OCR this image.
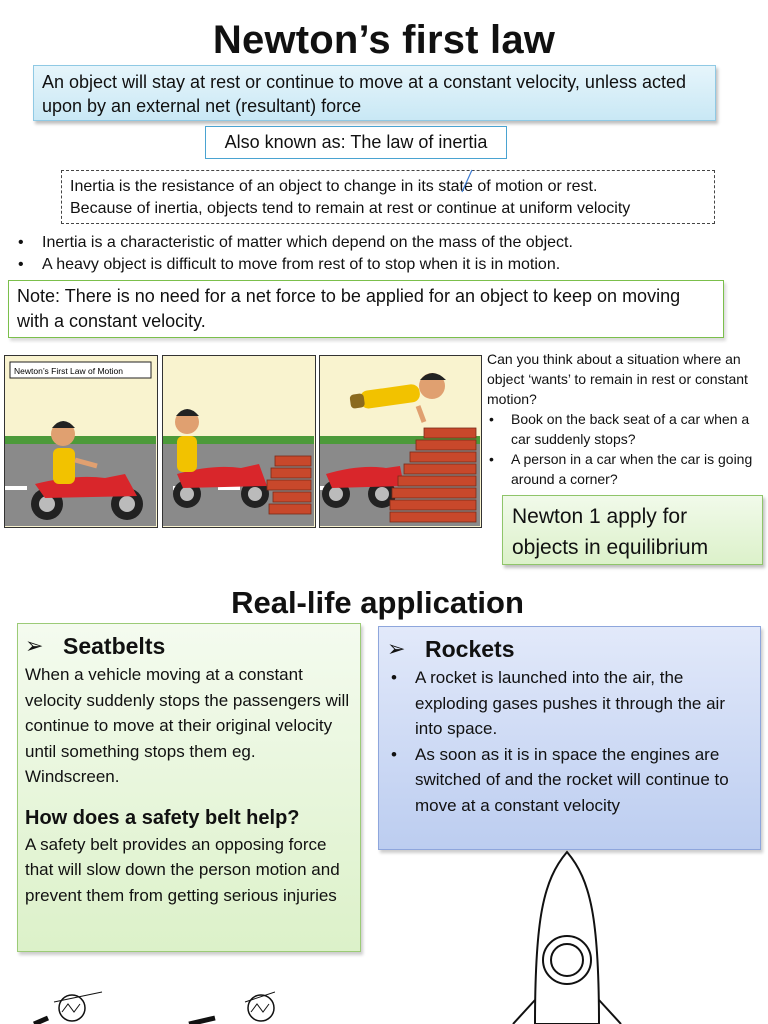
Newton’s first law
An object will stay at rest or continue to move at a constant velocity, unless acted upon by an external net (resultant) force
Also known as: The law of inertia
Inertia is the resistance of an object to change in its state of motion or rest.
Because of inertia, objects tend to remain at rest or continue at uniform velocity
• Inertia is a characteristic of matter which depend on the mass of the object.
• A heavy object is difficult to move from rest of to stop when it is in motion.
Note: There is no need for a net force to be applied for an object to keep on moving with a constant velocity.
Newton’s First Law of Motion
Can you think about a situation where an object ‘wants’ to remain in rest or constant motion?
• Book on the back seat of a car when a car suddenly stops?
• A person in a car when the car is going around a corner?
Newton 1 apply for objects in equilibrium
Real-life application
➢ Seatbelts
When a vehicle moving at a constant velocity suddenly stops the passengers will continue to move at their original velocity until something stops them eg. Windscreen.
How does a safety belt help?
A safety belt provides an opposing force that will slow down the person motion and prevent them from getting serious injuries
➢ Rockets
• A rocket is launched into the air, the exploding gases pushes it through the air into space.
• As soon as it is in space the engines are switched of and the rocket will continue to move at a constant velocity
